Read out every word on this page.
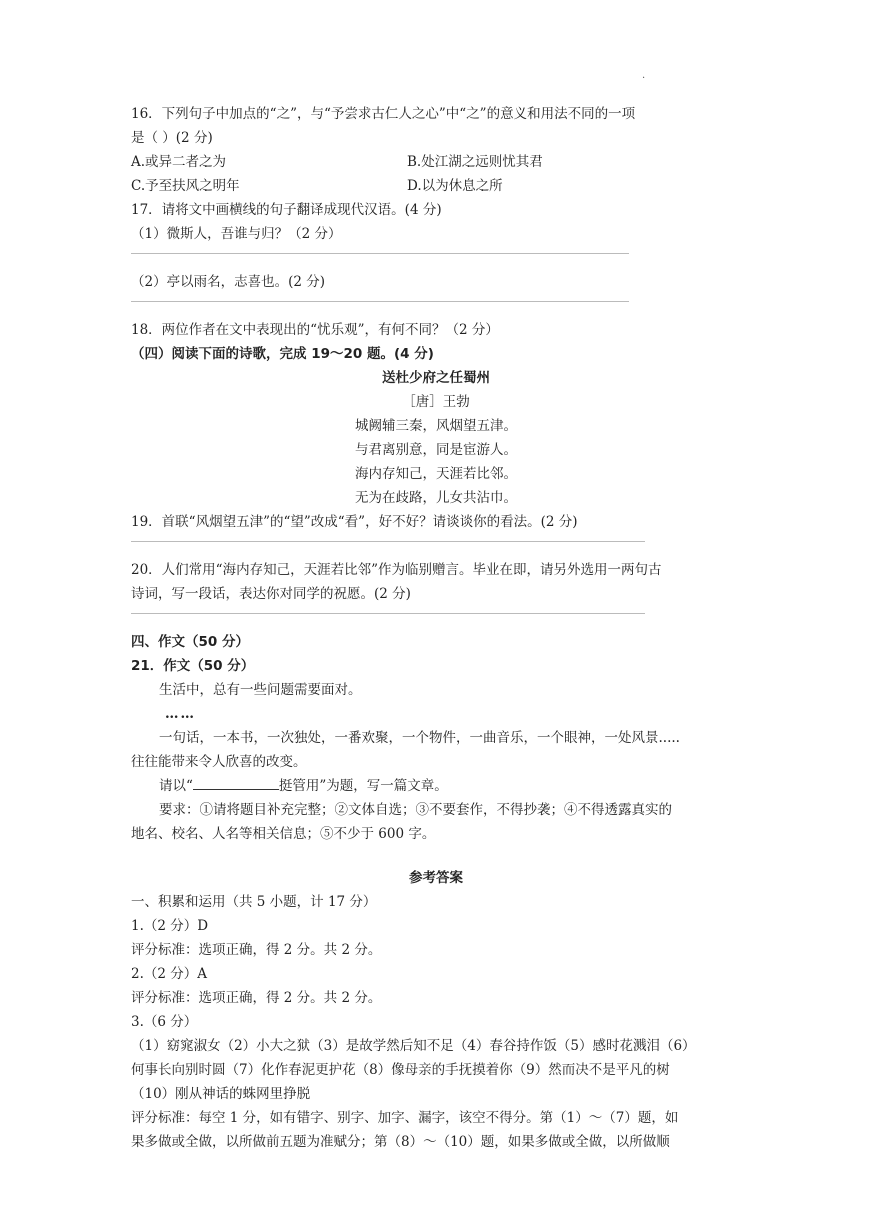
.
16．下列句子中加点的“之”，与“予尝求古仁人之心”中“之”的意义和用法不同的一项
是（ ）(2 分)
A.或异二者之为	B.处江湖之远则忧其君
C.予至扶风之明年	D.以为休息之所
17．请将文中画横线的句子翻译成现代汉语。(4 分)
（1）微斯人，吾谁与归？（2 分）
（2）亭以雨名，志喜也。(2 分)
18．两位作者在文中表现出的“忧乐观”，有何不同？（2 分）
（四）阅读下面的诗歌，完成 19～20 题。(4 分)
送杜少府之任蜀州
［唐］王勃
城阙辅三秦，风烟望五津。
与君离别意，同是宦游人。
海内存知己，天涯若比邻。
无为在歧路，儿女共沾巾。
19．首联“风烟望五津”的“望”改成“看”，好不好？请谈谈你的看法。(2 分)
20．人们常用“海内存知己，天涯若比邻”作为临别赠言。毕业在即，请另外选用一两句古
诗词，写一段话，表达你对同学的祝愿。(2 分)
四、作文（50 分）
21．作文（50 分）
生活中，总有一些问题需要面对。
……
一句话，一本书，一次独处，一番欢聚，一个物件，一曲音乐，一个眼神，一处风景.....
往往能带来令人欣喜的改变。
请以“	挺管用”为题，写一篇文章。
要求：①请将题目补充完整；②文体自选；③不要套作，不得抄袭；④不得透露真实的
地名、校名、人名等相关信息；⑤不少于 600 字。
参考答案
一、积累和运用（共 5 小题，计 17 分）
1.（2 分）D
评分标准：选项正确，得 2 分。共 2 分。
2.（2 分）A
评分标准：选项正确，得 2 分。共 2 分。
3.（6 分）
（1）窈窕淑女（2）小大之狱（3）是故学然后知不足（4）春谷持作饭（5）感时花溅泪（6）
何事长向别时圆（7）化作春泥更护花（8）像母亲的手抚摸着你（9）然而决不是平凡的树
（10）刚从神话的蛛网里挣脱
评分标准：每空 1 分，如有错字、别字、加字、漏字，该空不得分。第（1）～（7）题，如
果多做或全做，以所做前五题为准赋分；第（8）～（10）题，如果多做或全做，以所做顺
